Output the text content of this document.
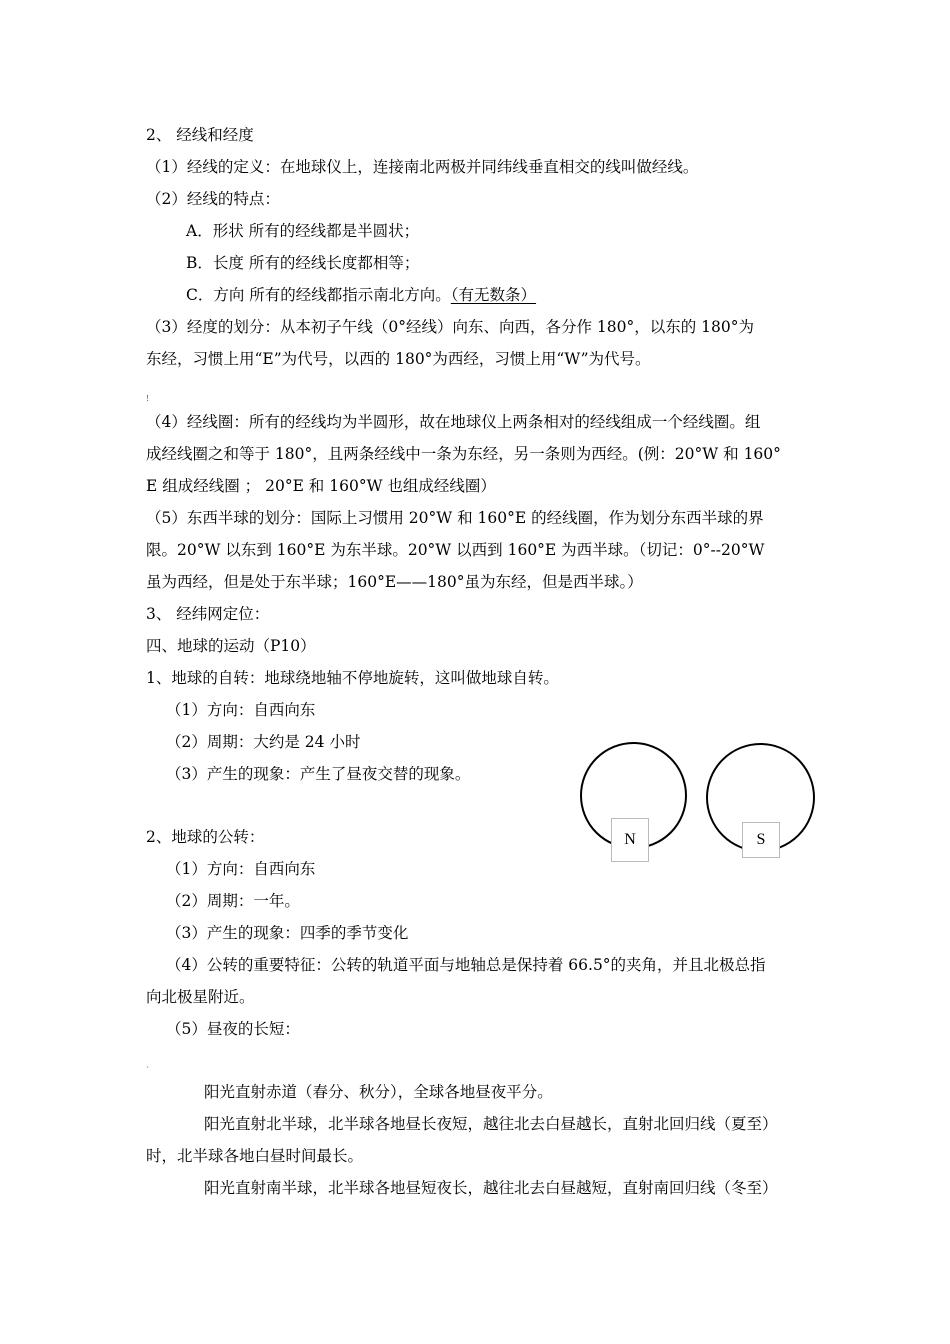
2、 经线和经度
（1）经线的定义：在地球仪上，连接南北两极并同纬线垂直相交的线叫做经线。
（2）经线的特点：
A．形状 所有的经线都是半圆状；
B．长度 所有的经线长度都相等；
C．方向 所有的经线都指示南北方向。（有无数条）
（3）经度的划分：从本初子午线（0°经线）向东、向西，各分作 180°，以东的 180°为
东经，习惯上用“E”为代号，以西的 180°为西经，习惯上用“W”为代号。
!
（4）经线圈：所有的经线均为半圆形，故在地球仪上两条相对的经线组成一个经线圈。组
成经线圈之和等于 180°，且两条经线中一条为东经，另一条则为西经。(例：20°W 和 160°
E 组成经线圈 ； 20°E 和 160°W 也组成经线圈）
（5）东西半球的划分：国际上习惯用 20°W 和 160°E 的经线圈，作为划分东西半球的界
限。20°W 以东到 160°E 为东半球。20°W 以西到 160°E 为西半球。（切记：0°--20°W
虽为西经，但是处于东半球；160°E——180°虽为东经，但是西半球。）
3、 经纬网定位：
四、地球的运动（P10）
1、地球的自转：地球绕地轴不停地旋转，这叫做地球自转。
（1）方向：自西向东
（2）周期：大约是 24 小时
（3）产生的现象：产生了昼夜交替的现象。
2、地球的公转：
（1）方向：自西向东
（2）周期：一年。
（3）产生的现象：四季的季节变化
（4）公转的重要特征：公转的轨道平面与地轴总是保持着 66.5°的夹角，并且北极总指
向北极星附近。
（5）昼夜的长短：
`
阳光直射赤道（春分、秋分），全球各地昼夜平分。
阳光直射北半球，北半球各地昼长夜短，越往北去白昼越长，直射北回归线（夏至）
时，北半球各地白昼时间最长。
阳光直射南半球，北半球各地昼短夜长，越往北去白昼越短，直射南回归线（冬至）
N	S
